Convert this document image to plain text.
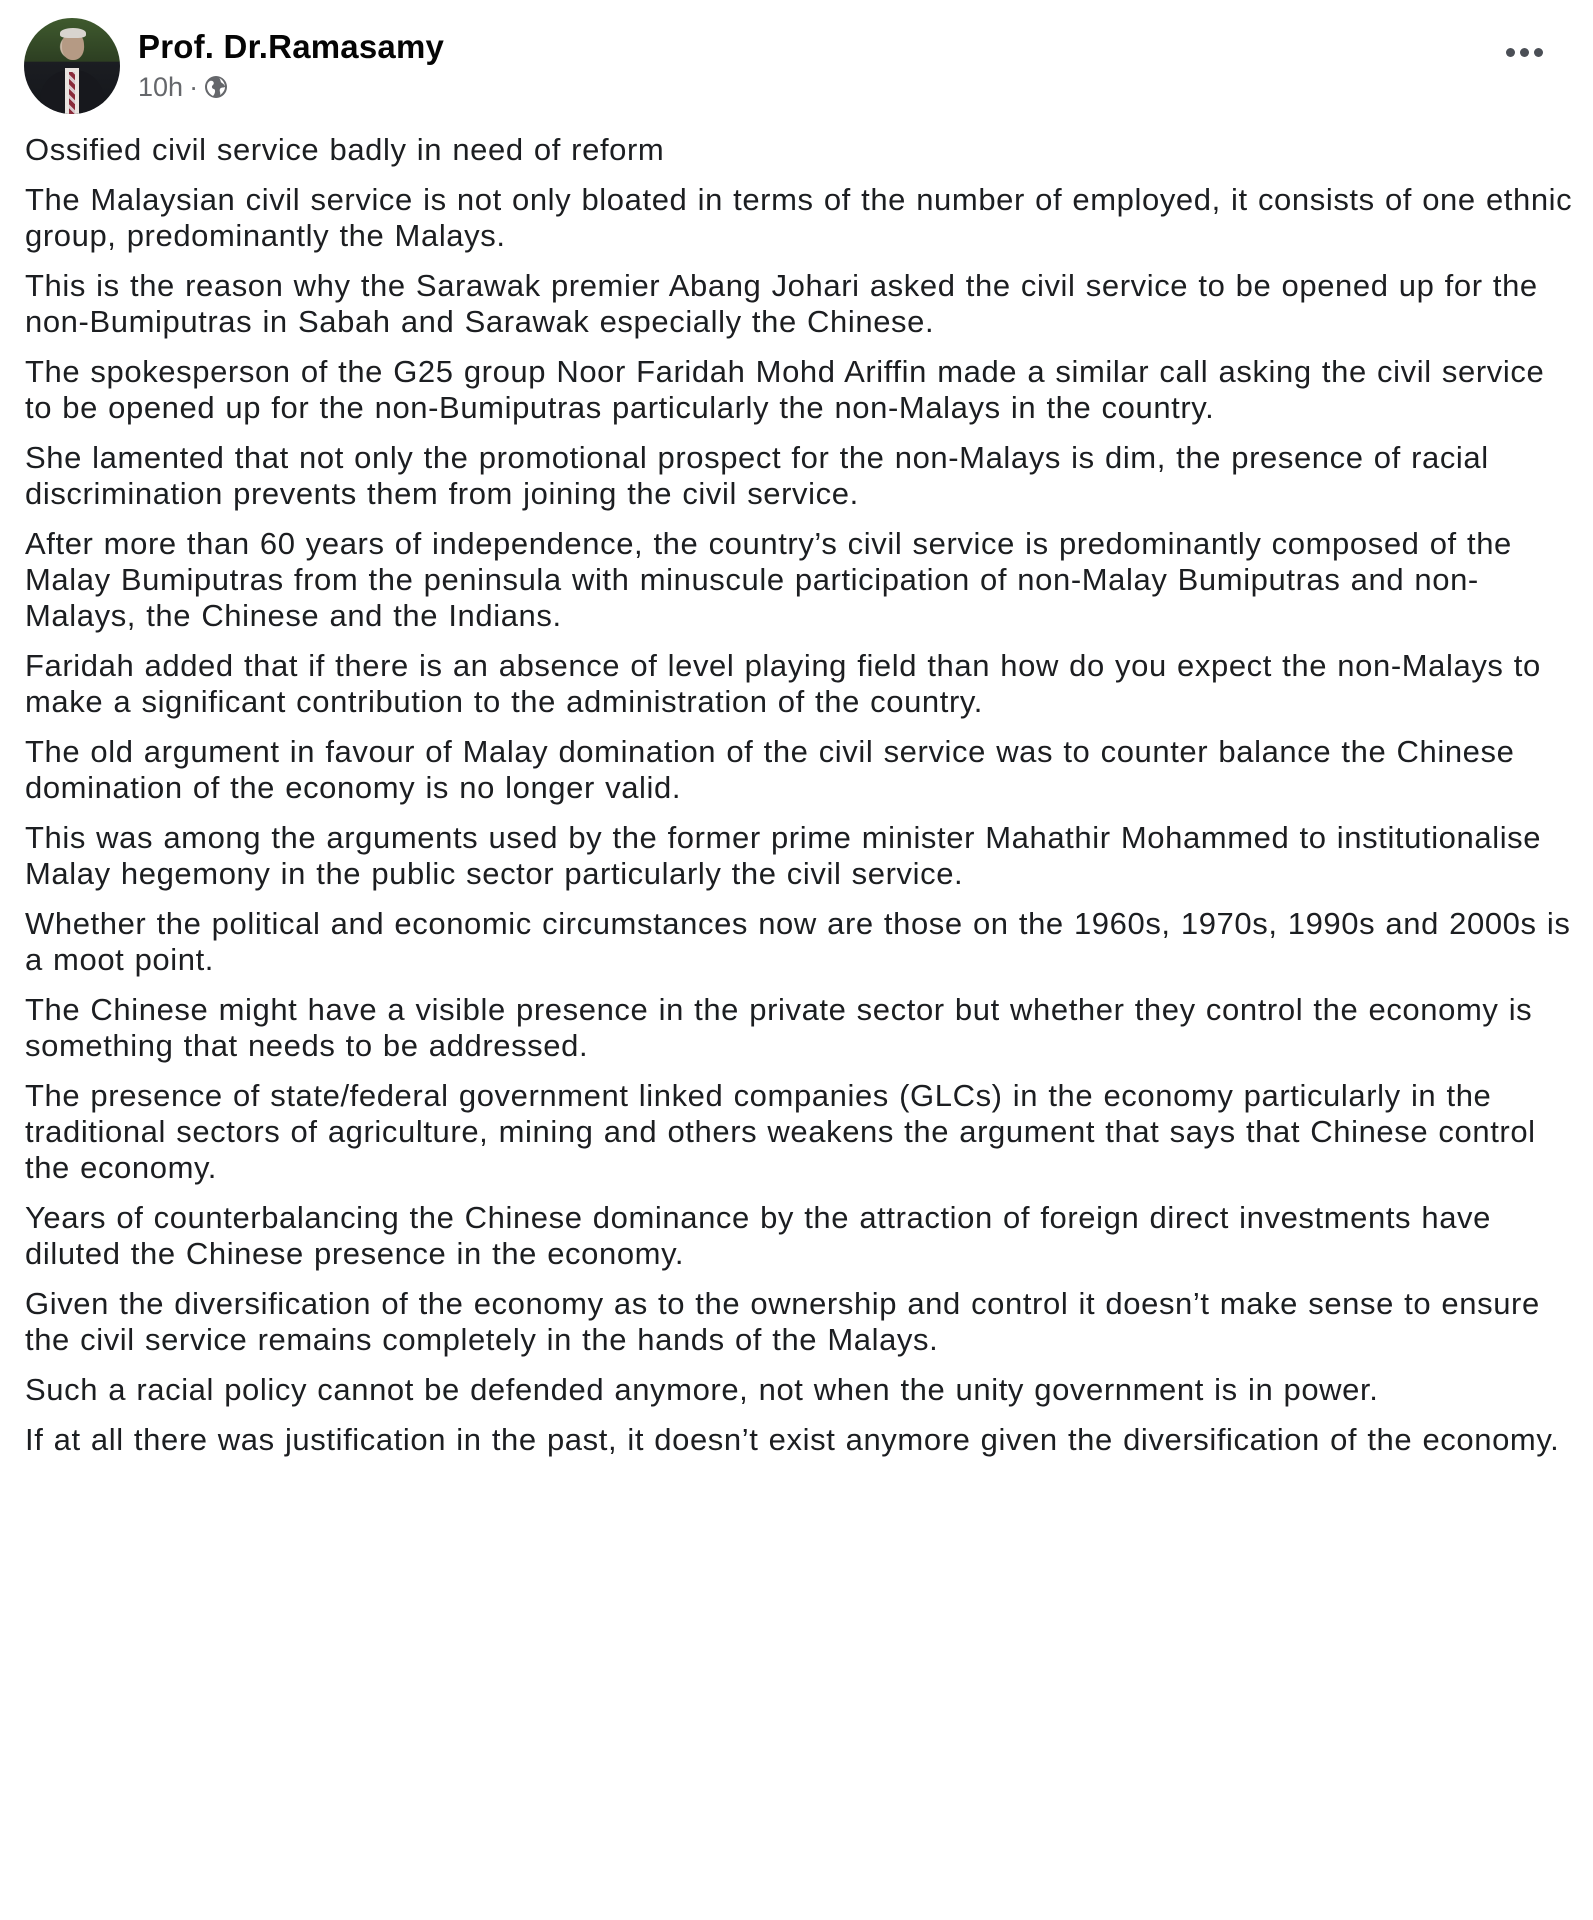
Prof. Dr.Ramasamy
10h ·

Ossified civil service badly in need of reform

The Malaysian civil service is not only bloated in terms of the number of employed, it consists of one ethnic group, predominantly the Malays.

This is the reason why the Sarawak premier Abang Johari asked the civil service to be opened up for the non-Bumiputras in Sabah and Sarawak especially the Chinese.

The spokesperson of the G25 group Noor Faridah Mohd Ariffin made a similar call asking the civil service to be opened up for the non-Bumiputras particularly the non-Malays in the country.

She lamented that not only the promotional prospect for the non-Malays is dim, the presence of racial discrimination prevents them from joining the civil service.

After more than 60 years of independence, the country’s civil service is predominantly composed of the Malay Bumiputras from the peninsula with minuscule participation of non-Malay Bumiputras and non-Malays, the Chinese and the Indians.

Faridah added that if there is an absence of level playing field than how do you expect the non-Malays to make a significant contribution to the administration of the country.

The old argument in favour of Malay domination of the civil service was to counter balance the Chinese domination of the economy is no longer valid.

This was among the arguments used by the former prime minister Mahathir Mohammed to institutionalise Malay hegemony in the public sector particularly the civil service.

Whether the political and economic circumstances now are those on the 1960s, 1970s, 1990s and 2000s is a moot point.

The Chinese might have a visible presence in the private sector but whether they control the economy is something that needs to be addressed.

The presence of state/federal government linked companies (GLCs) in the economy particularly in the traditional sectors of agriculture, mining and others weakens the argument that says that Chinese control the economy.

Years of counterbalancing the Chinese dominance by the attraction of foreign direct investments have diluted the Chinese presence in the economy.

Given the diversification of the economy as to the ownership and control it doesn’t make sense to ensure the civil service remains completely in the hands of the Malays.

Such a racial policy cannot be defended anymore, not when the unity government is in power.

If at all there was justification in the past, it doesn’t exist anymore given the diversification of the economy.
